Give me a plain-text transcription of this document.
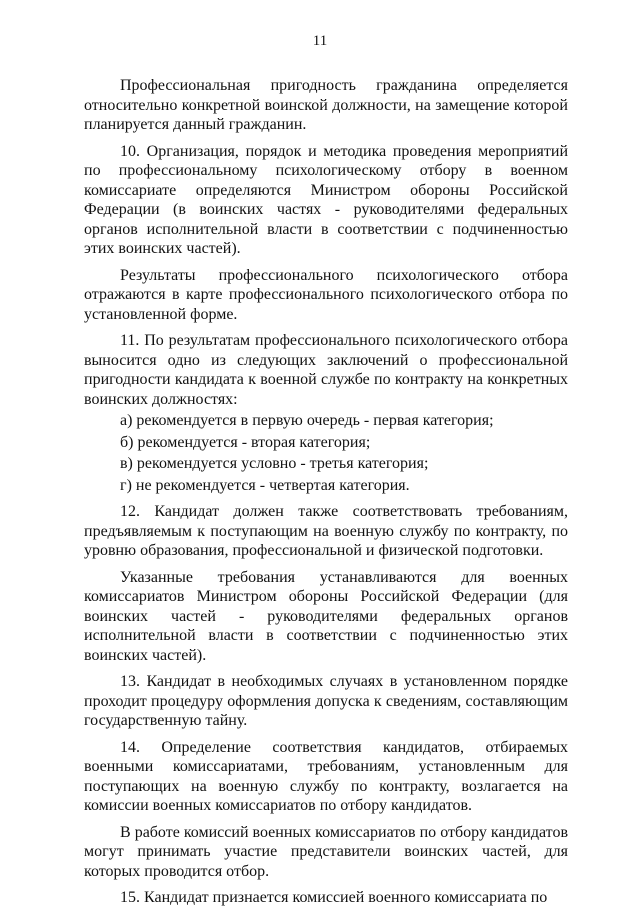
11

Профессиональная пригодность гражданина определяется относительно конкретной воинской должности, на замещение которой планируется данный гражданин.

10. Организация, порядок и методика проведения мероприятий по профессиональному психологическому отбору в военном комиссариате определяются Министром обороны Российской Федерации (в воинских частях - руководителями федеральных органов исполнительной власти в соответствии с подчиненностью этих воинских частей).

Результаты профессионального психологического отбора отражаются в карте профессионального психологического отбора по установленной форме.

11. По результатам профессионального психологического отбора выносится одно из следующих заключений о профессиональной пригодности кандидата к военной службе по контракту на конкретных воинских должностях:

а) рекомендуется в первую очередь - первая категория;

б) рекомендуется - вторая категория;

в) рекомендуется условно - третья категория;

г) не рекомендуется - четвертая категория.

12. Кандидат должен также соответствовать требованиям, предъявляемым к поступающим на военную службу по контракту, по уровню образования, профессиональной и физической подготовки.

Указанные требования устанавливаются для военных комиссариатов Министром обороны Российской Федерации (для воинских частей - руководителями федеральных органов исполнительной власти в соответствии с подчиненностью этих воинских частей).

13. Кандидат в необходимых случаях в установленном порядке проходит процедуру оформления допуска к сведениям, составляющим государственную тайну.

14. Определение соответствия кандидатов, отбираемых военными комиссариатами, требованиям, установленным для поступающих на военную службу по контракту, возлагается на комиссии военных комиссариатов по отбору кандидатов.

В работе комиссий военных комиссариатов по отбору кандидатов могут принимать участие представители воинских частей, для которых проводится отбор.

15. Кандидат признается комиссией военного комиссариата по
